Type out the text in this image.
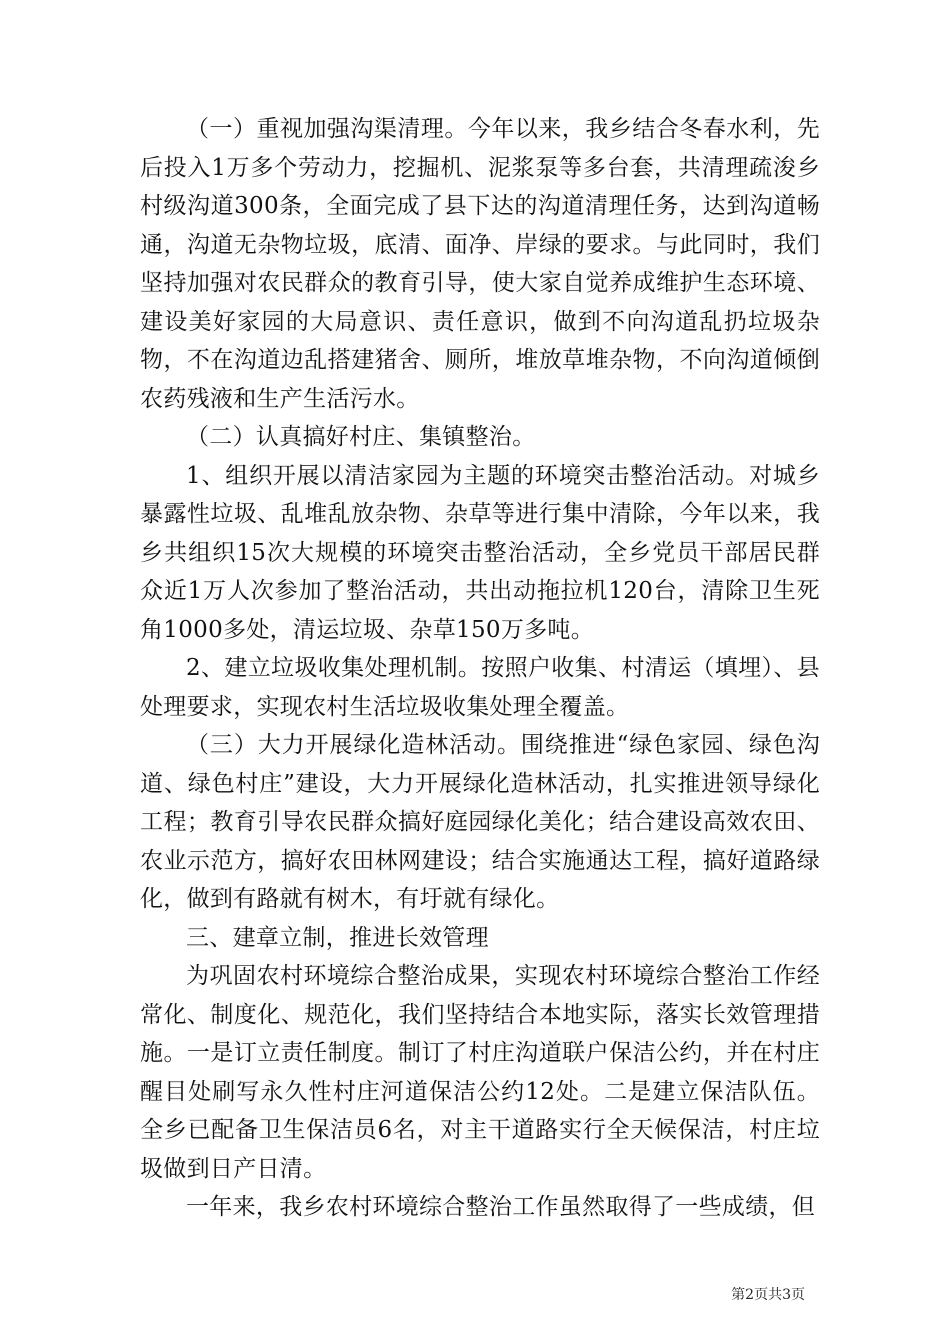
（一）重视加强沟渠清理。今年以来，我乡结合冬春水利，先后投入1万多个劳动力，挖掘机、泥浆泵等多台套，共清理疏浚乡村级沟道300条，全面完成了县下达的沟道清理任务，达到沟道畅通，沟道无杂物垃圾，底清、面净、岸绿的要求。与此同时，我们坚持加强对农民群众的教育引导，使大家自觉养成维护生态环境、建设美好家园的大局意识、责任意识，做到不向沟道乱扔垃圾杂物，不在沟道边乱搭建猪舍、厕所，堆放草堆杂物，不向沟道倾倒农药残液和生产生活污水。

（二）认真搞好村庄、集镇整治。

1、组织开展以清洁家园为主题的环境突击整治活动。对城乡暴露性垃圾、乱堆乱放杂物、杂草等进行集中清除，今年以来，我乡共组织15次大规模的环境突击整治活动，全乡党员干部居民群众近1万人次参加了整治活动，共出动拖拉机120台，清除卫生死角1000多处，清运垃圾、杂草150万多吨。

2、建立垃圾收集处理机制。按照户收集、村清运（填埋）、县处理要求，实现农村生活垃圾收集处理全覆盖。

（三）大力开展绿化造林活动。围绕推进“绿色家园、绿色沟道、绿色村庄”建设，大力开展绿化造林活动，扎实推进领导绿化工程；教育引导农民群众搞好庭园绿化美化；结合建设高效农田、农业示范方，搞好农田林网建设；结合实施通达工程，搞好道路绿化，做到有路就有树木，有圩就有绿化。

三、建章立制，推进长效管理

为巩固农村环境综合整治成果，实现农村环境综合整治工作经常化、制度化、规范化，我们坚持结合本地实际，落实长效管理措施。一是订立责任制度。制订了村庄沟道联户保洁公约，并在村庄醒目处刷写永久性村庄河道保洁公约12处。二是建立保洁队伍。全乡已配备卫生保洁员6名，对主干道路实行全天候保洁，村庄垃圾做到日产日清。

一年来，我乡农村环境综合整治工作虽然取得了一些成绩，但

第2页共3页
